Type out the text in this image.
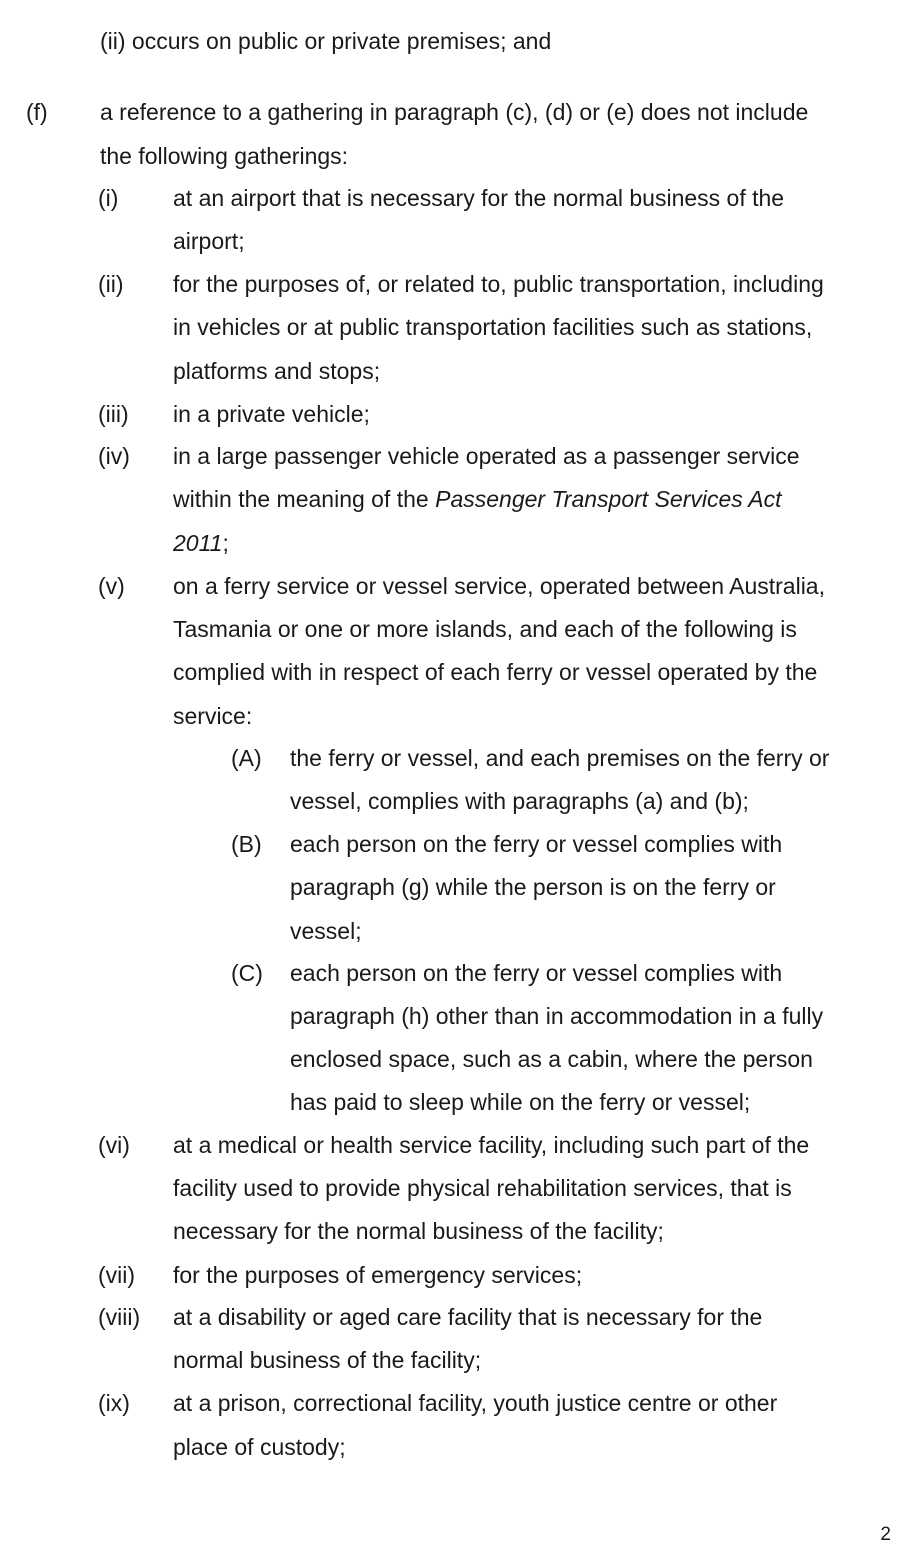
(ii) occurs on public or private premises; and
(f) a reference to a gathering in paragraph (c), (d) or (e) does not include
the following gatherings:
(i) at an airport that is necessary for the normal business of the
airport;
(ii) for the purposes of, or related to, public transportation, including
in vehicles or at public transportation facilities such as stations,
platforms and stops;
(iii) in a private vehicle;
(iv) in a large passenger vehicle operated as a passenger service
within the meaning of the Passenger Transport Services Act
2011;
(v) on a ferry service or vessel service, operated between Australia,
Tasmania or one or more islands, and each of the following is
complied with in respect of each ferry or vessel operated by the
service:
(A) the ferry or vessel, and each premises on the ferry or
vessel, complies with paragraphs (a) and (b);
(B) each person on the ferry or vessel complies with
paragraph (g) while the person is on the ferry or
vessel;
(C) each person on the ferry or vessel complies with
paragraph (h) other than in accommodation in a fully
enclosed space, such as a cabin, where the person
has paid to sleep while on the ferry or vessel;
(vi) at a medical or health service facility, including such part of the
facility used to provide physical rehabilitation services, that is
necessary for the normal business of the facility;
(vii) for the purposes of emergency services;
(viii) at a disability or aged care facility that is necessary for the
normal business of the facility;
(ix) at a prison, correctional facility, youth justice centre or other
place of custody;
2
